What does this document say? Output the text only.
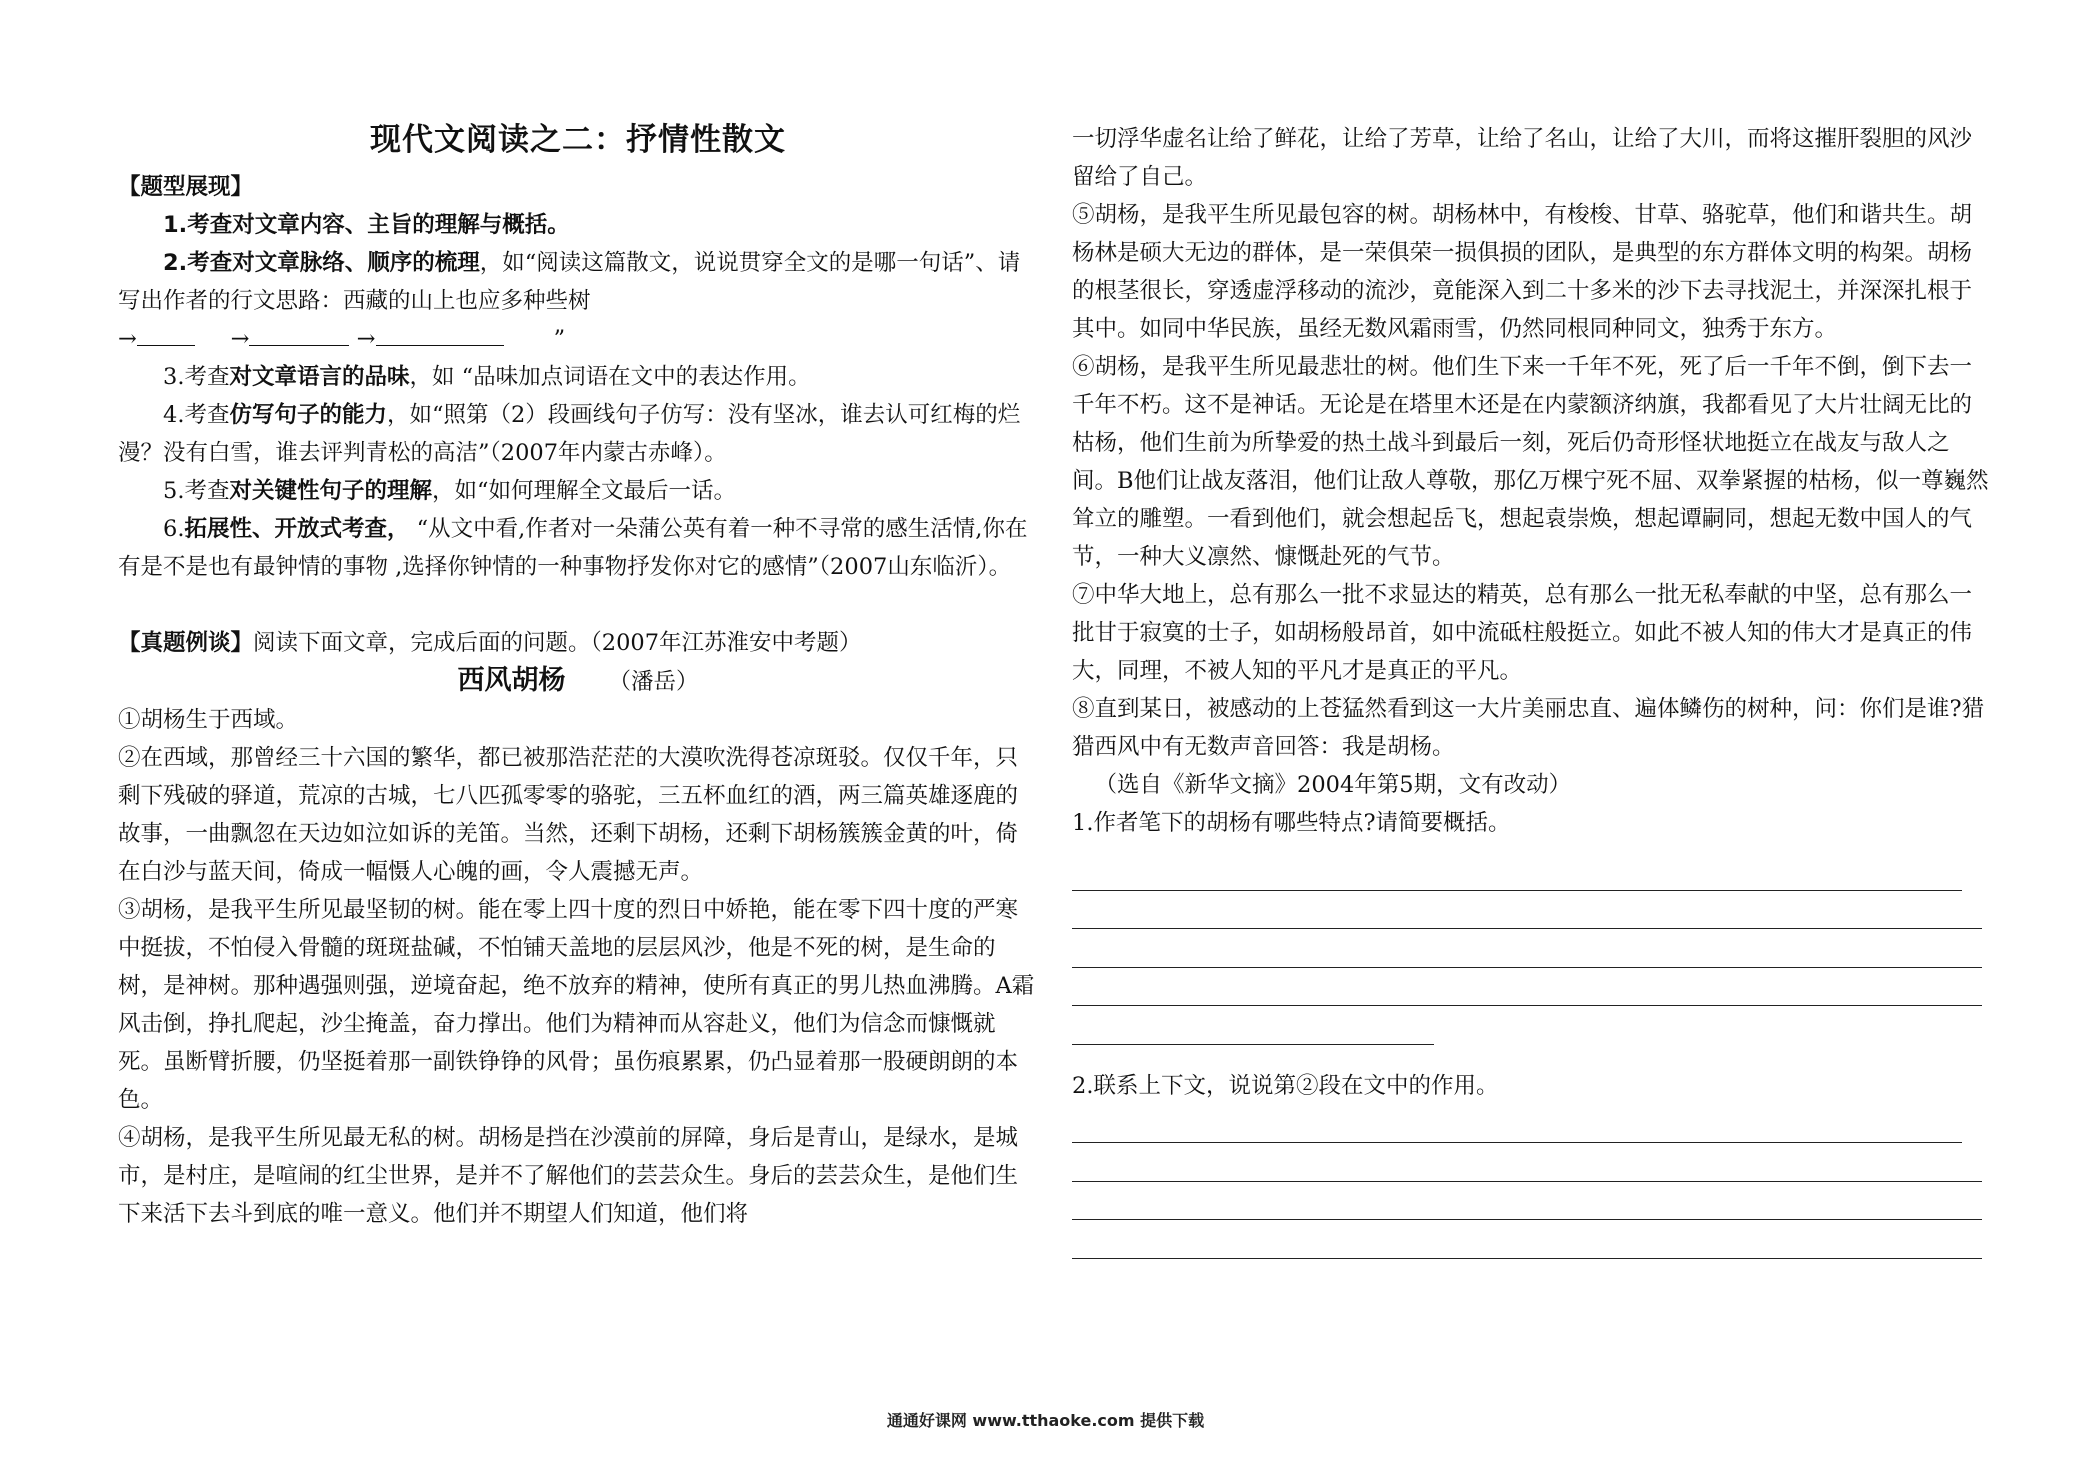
现代文阅读之二：抒情性散文

【题型展现】

1.考查对文章内容、主旨的理解与概括。

2.考查对文章脉络、顺序的梳理，如“阅读这篇散文，说说贯穿全文的是哪一句话”、请写出作者的行文思路：西藏的山上也应多种些树

→	→	→	”

3.考查对文章语言的品味，如 “品味加点词语在文中的表达作用。

4.考查仿写句子的能力，如“照第（2）段画线句子仿写：没有坚冰，谁去认可红梅的烂漫？没有白雪，谁去评判青松的高洁”（2007年内蒙古赤峰）。

5.考查对关键性句子的理解，如“如何理解全文最后一话。

6.拓展性、开放式考查， “从文中看,作者对一朵蒲公英有着一种不寻常的感生活情,你在有是不是也有最钟情的事物 ,选择你钟情的一种事物抒发你对它的感情”（2007山东临沂）。

【真题例谈】阅读下面文章，完成后面的问题。（2007年江苏淮安中考题）

西风胡杨 （潘岳）

①胡杨生于西域。

②在西域，那曾经三十六国的繁华，都已被那浩茫茫的大漠吹洗得苍凉斑驳。仅仅千年，只剩下残破的驿道，荒凉的古城，七八匹孤零零的骆驼，三五杯血红的酒，两三篇英雄逐鹿的故事，一曲飘忽在天边如泣如诉的羌笛。当然，还剩下胡杨，还剩下胡杨簇簇金黄的叶，倚在白沙与蓝天间，倚成一幅慑人心魄的画，令人震撼无声。

③胡杨，是我平生所见最坚韧的树。能在零上四十度的烈日中娇艳，能在零下四十度的严寒中挺拔，不怕侵入骨髓的斑斑盐碱，不怕铺天盖地的层层风沙，他是不死的树，是生命的树，是神树。那种遇强则强，逆境奋起，绝不放弃的精神，使所有真正的男儿热血沸腾。A霜风击倒，挣扎爬起，沙尘掩盖，奋力撑出。他们为精神而从容赴义，他们为信念而慷慨就死。虽断臂折腰，仍坚挺着那一副铁铮铮的风骨；虽伤痕累累，仍凸显着那一股硬朗朗的本色。

④胡杨，是我平生所见最无私的树。胡杨是挡在沙漠前的屏障，身后是青山，是绿水，是城市，是村庄，是喧闹的红尘世界，是并不了解他们的芸芸众生。身后的芸芸众生，是他们生下来活下去斗到底的唯一意义。他们并不期望人们知道，他们将

一切浮华虚名让给了鲜花，让给了芳草，让给了名山，让给了大川，而将这摧肝裂胆的风沙留给了自己。

⑤胡杨，是我平生所见最包容的树。胡杨林中，有梭梭、甘草、骆驼草，他们和谐共生。胡杨林是硕大无边的群体，是一荣俱荣一损俱损的团队，是典型的东方群体文明的构架。胡杨的根茎很长，穿透虚浮移动的流沙，竟能深入到二十多米的沙下去寻找泥土，并深深扎根于其中。如同中华民族，虽经无数风霜雨雪，仍然同根同种同文，独秀于东方。

⑥胡杨，是我平生所见最悲壮的树。他们生下来一千年不死，死了后一千年不倒，倒下去一千年不朽。这不是神话。无论是在塔里木还是在内蒙额济纳旗，我都看见了大片壮阔无比的枯杨，他们生前为所挚爱的热土战斗到最后一刻，死后仍奇形怪状地挺立在战友与敌人之间。B他们让战友落泪，他们让敌人尊敬，那亿万棵宁死不屈、双拳紧握的枯杨，似一尊巍然耸立的雕塑。一看到他们，就会想起岳飞，想起袁崇焕，想起谭嗣同，想起无数中国人的气节，一种大义凛然、慷慨赴死的气节。

⑦中华大地上，总有那么一批不求显达的精英，总有那么一批无私奉献的中坚，总有那么一批甘于寂寞的士子，如胡杨般昂首，如中流砥柱般挺立。如此不被人知的伟大才是真正的伟大，同理，不被人知的平凡才是真正的平凡。

⑧直到某日，被感动的上苍猛然看到这一大片美丽忠直、遍体鳞伤的树种，问：你们是谁?猎猎西风中有无数声音回答：我是胡杨。

（选自《新华文摘》2004年第5期，文有改动）

1.作者笔下的胡杨有哪些特点?请简要概括。

2.联系上下文，说说第②段在文中的作用。

通通好课网 www.tthaoke.com 提供下载
